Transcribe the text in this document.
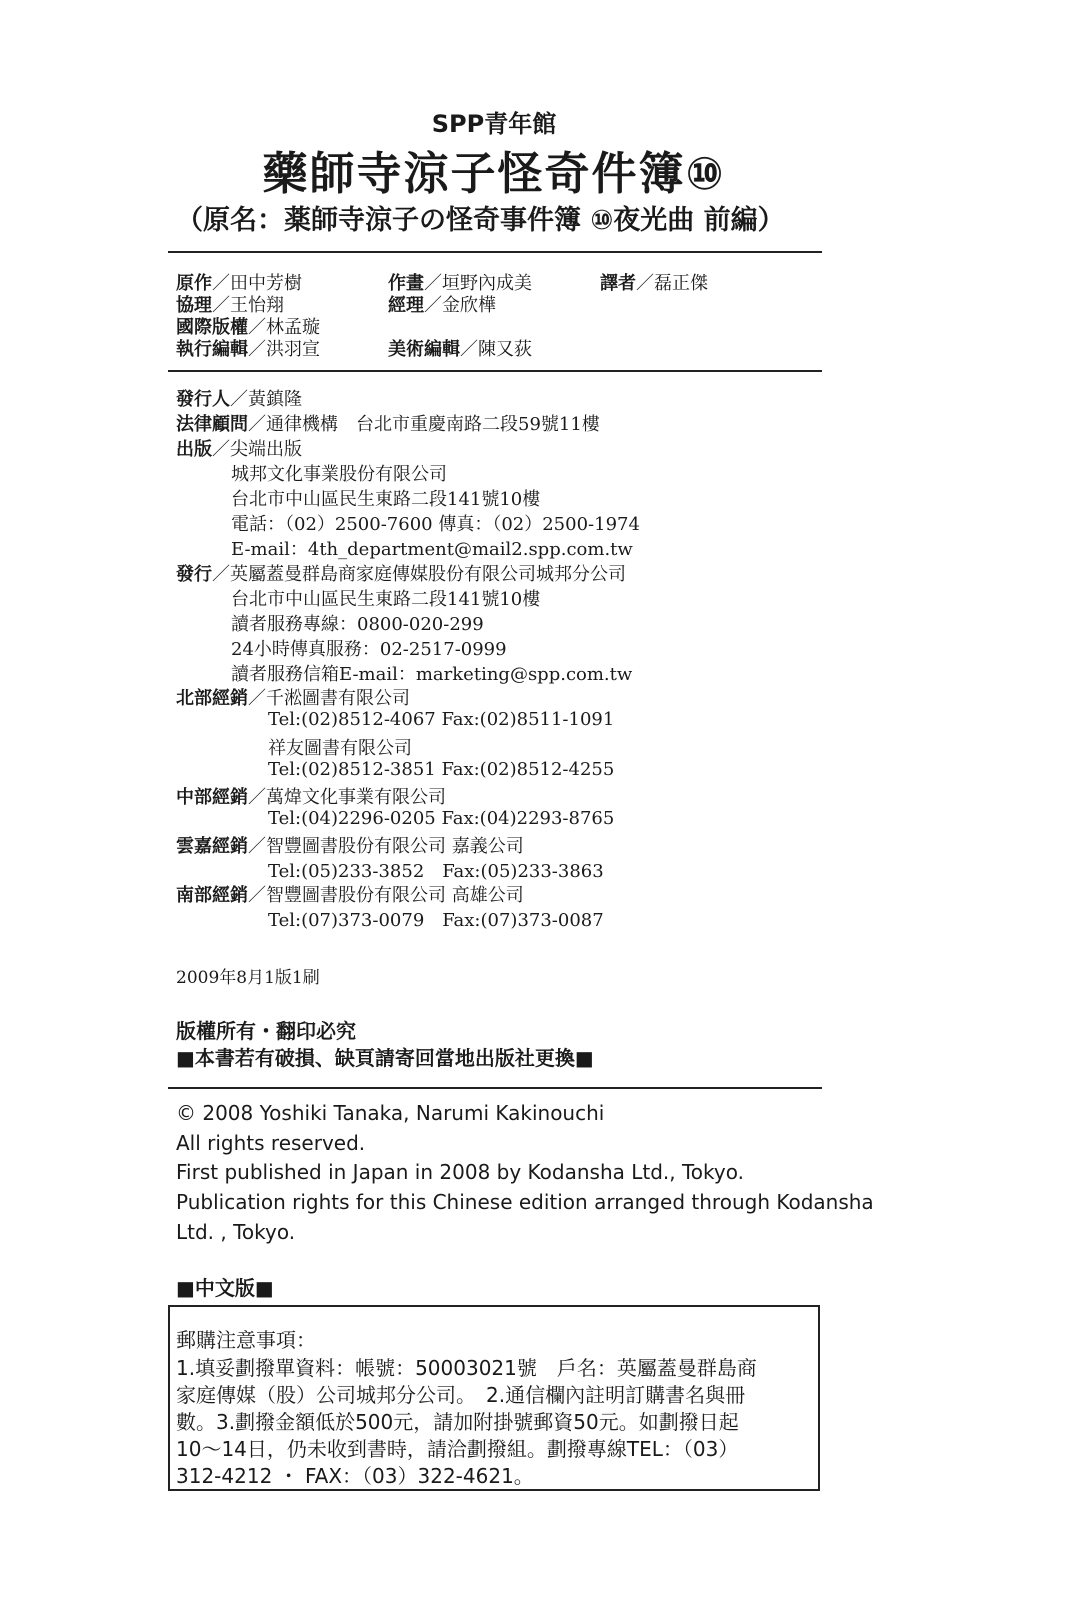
SPP青年館
藥師寺涼子怪奇件簿⑩
（原名：薬師寺涼子の怪奇事件簿 ⑩夜光曲 前編）
原作／田中芳樹	作畫／垣野內成美	譯者／磊正傑
協理／王怡翔	經理／金欣樺
國際版權／林孟璇
執行編輯／洪羽宣	美術編輯／陳又荻
發行人／黃鎮隆
法律顧問／通律機構　台北市重慶南路二段59號11樓
出版／尖端出版
城邦文化事業股份有限公司
台北市中山區民生東路二段141號10樓
電話：（02）2500-7600 傳真：（02）2500-1974
E-mail：4th_department@mail2.spp.com.tw
發行／英屬蓋曼群島商家庭傳媒股份有限公司城邦分公司
台北市中山區民生東路二段141號10樓
讀者服務專線：0800-020-299
24小時傳真服務：02-2517-0999
讀者服務信箱E-mail：marketing@spp.com.tw
北部經銷／千淞圖書有限公司
Tel:(02)8512-4067 Fax:(02)8511-1091
祥友圖書有限公司
Tel:(02)8512-3851 Fax:(02)8512-4255
中部經銷／萬煒文化事業有限公司
Tel:(04)2296-0205 Fax:(04)2293-8765
雲嘉經銷／智豐圖書股份有限公司 嘉義公司
Tel:(05)233-3852　Fax:(05)233-3863
南部經銷／智豐圖書股份有限公司 高雄公司
Tel:(07)373-0079　Fax:(07)373-0087
2009年8月1版1刷
版權所有・翻印必究
■本書若有破損、缺頁請寄回當地出版社更換■
© 2008 Yoshiki Tanaka, Narumi Kakinouchi
All rights reserved.
First published in Japan in 2008 by Kodansha Ltd., Tokyo.
Publication rights for this Chinese edition arranged through Kodansha
Ltd. , Tokyo.
■中文版■
郵購注意事項：
1.填妥劃撥單資料：帳號：50003021號　戶名：英屬蓋曼群島商
家庭傳媒（股）公司城邦分公司。　2.通信欄內註明訂購書名與冊
數。3.劃撥金額低於500元，請加附掛號郵資50元。如劃撥日起
10～14日，仍未收到書時，請洽劃撥組。劃撥專線TEL：（03）
312-4212 ・ FAX：（03）322-4621。
